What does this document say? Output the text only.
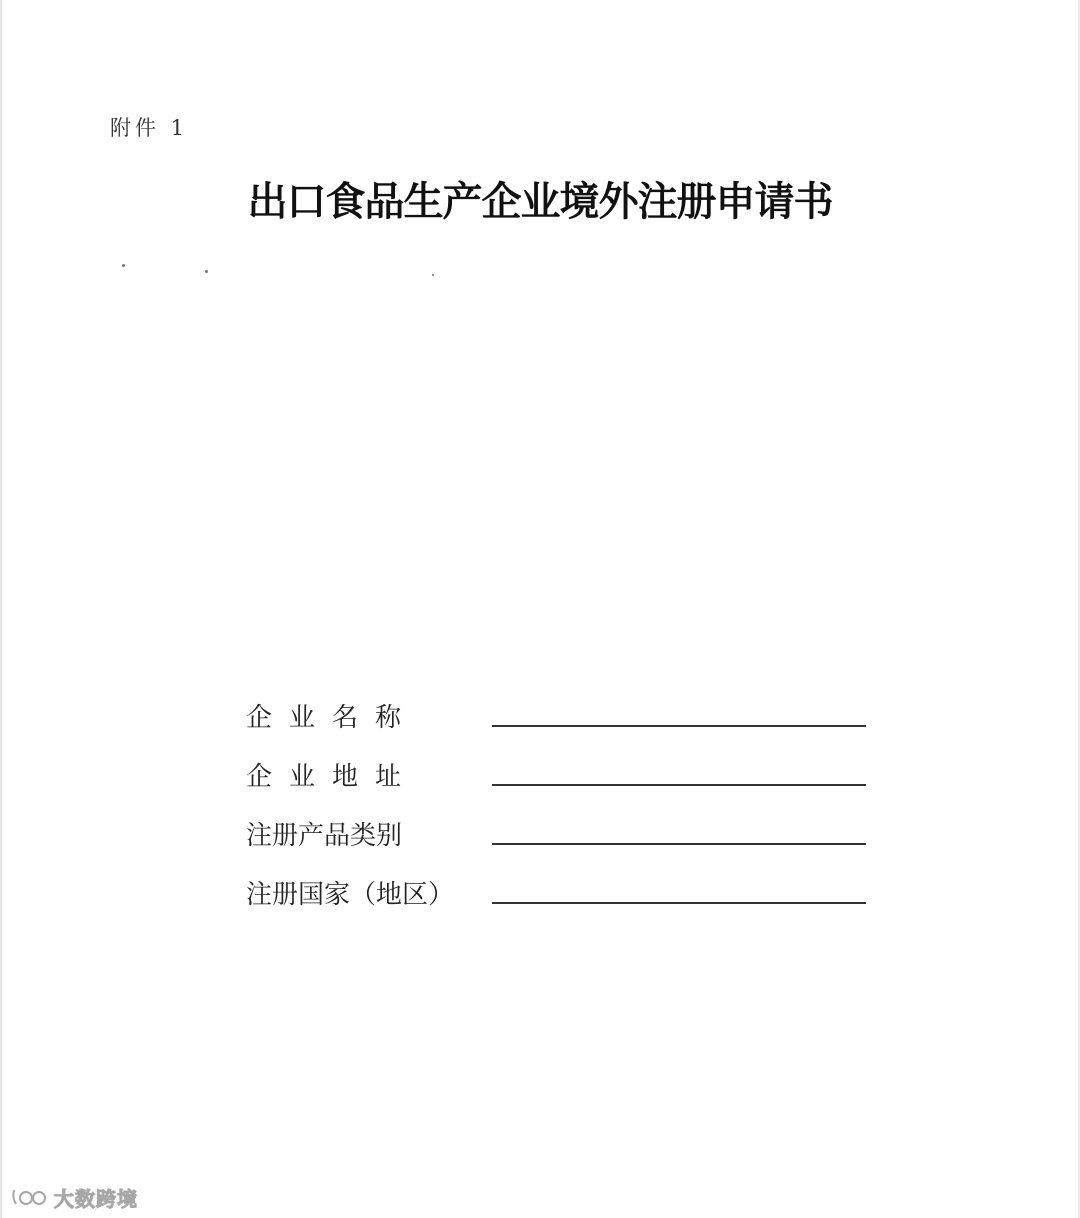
附件 1
出口食品生产企业境外注册申请书
企业名称
企业地址
注册产品类别
注册国家（地区）
大数跨境
